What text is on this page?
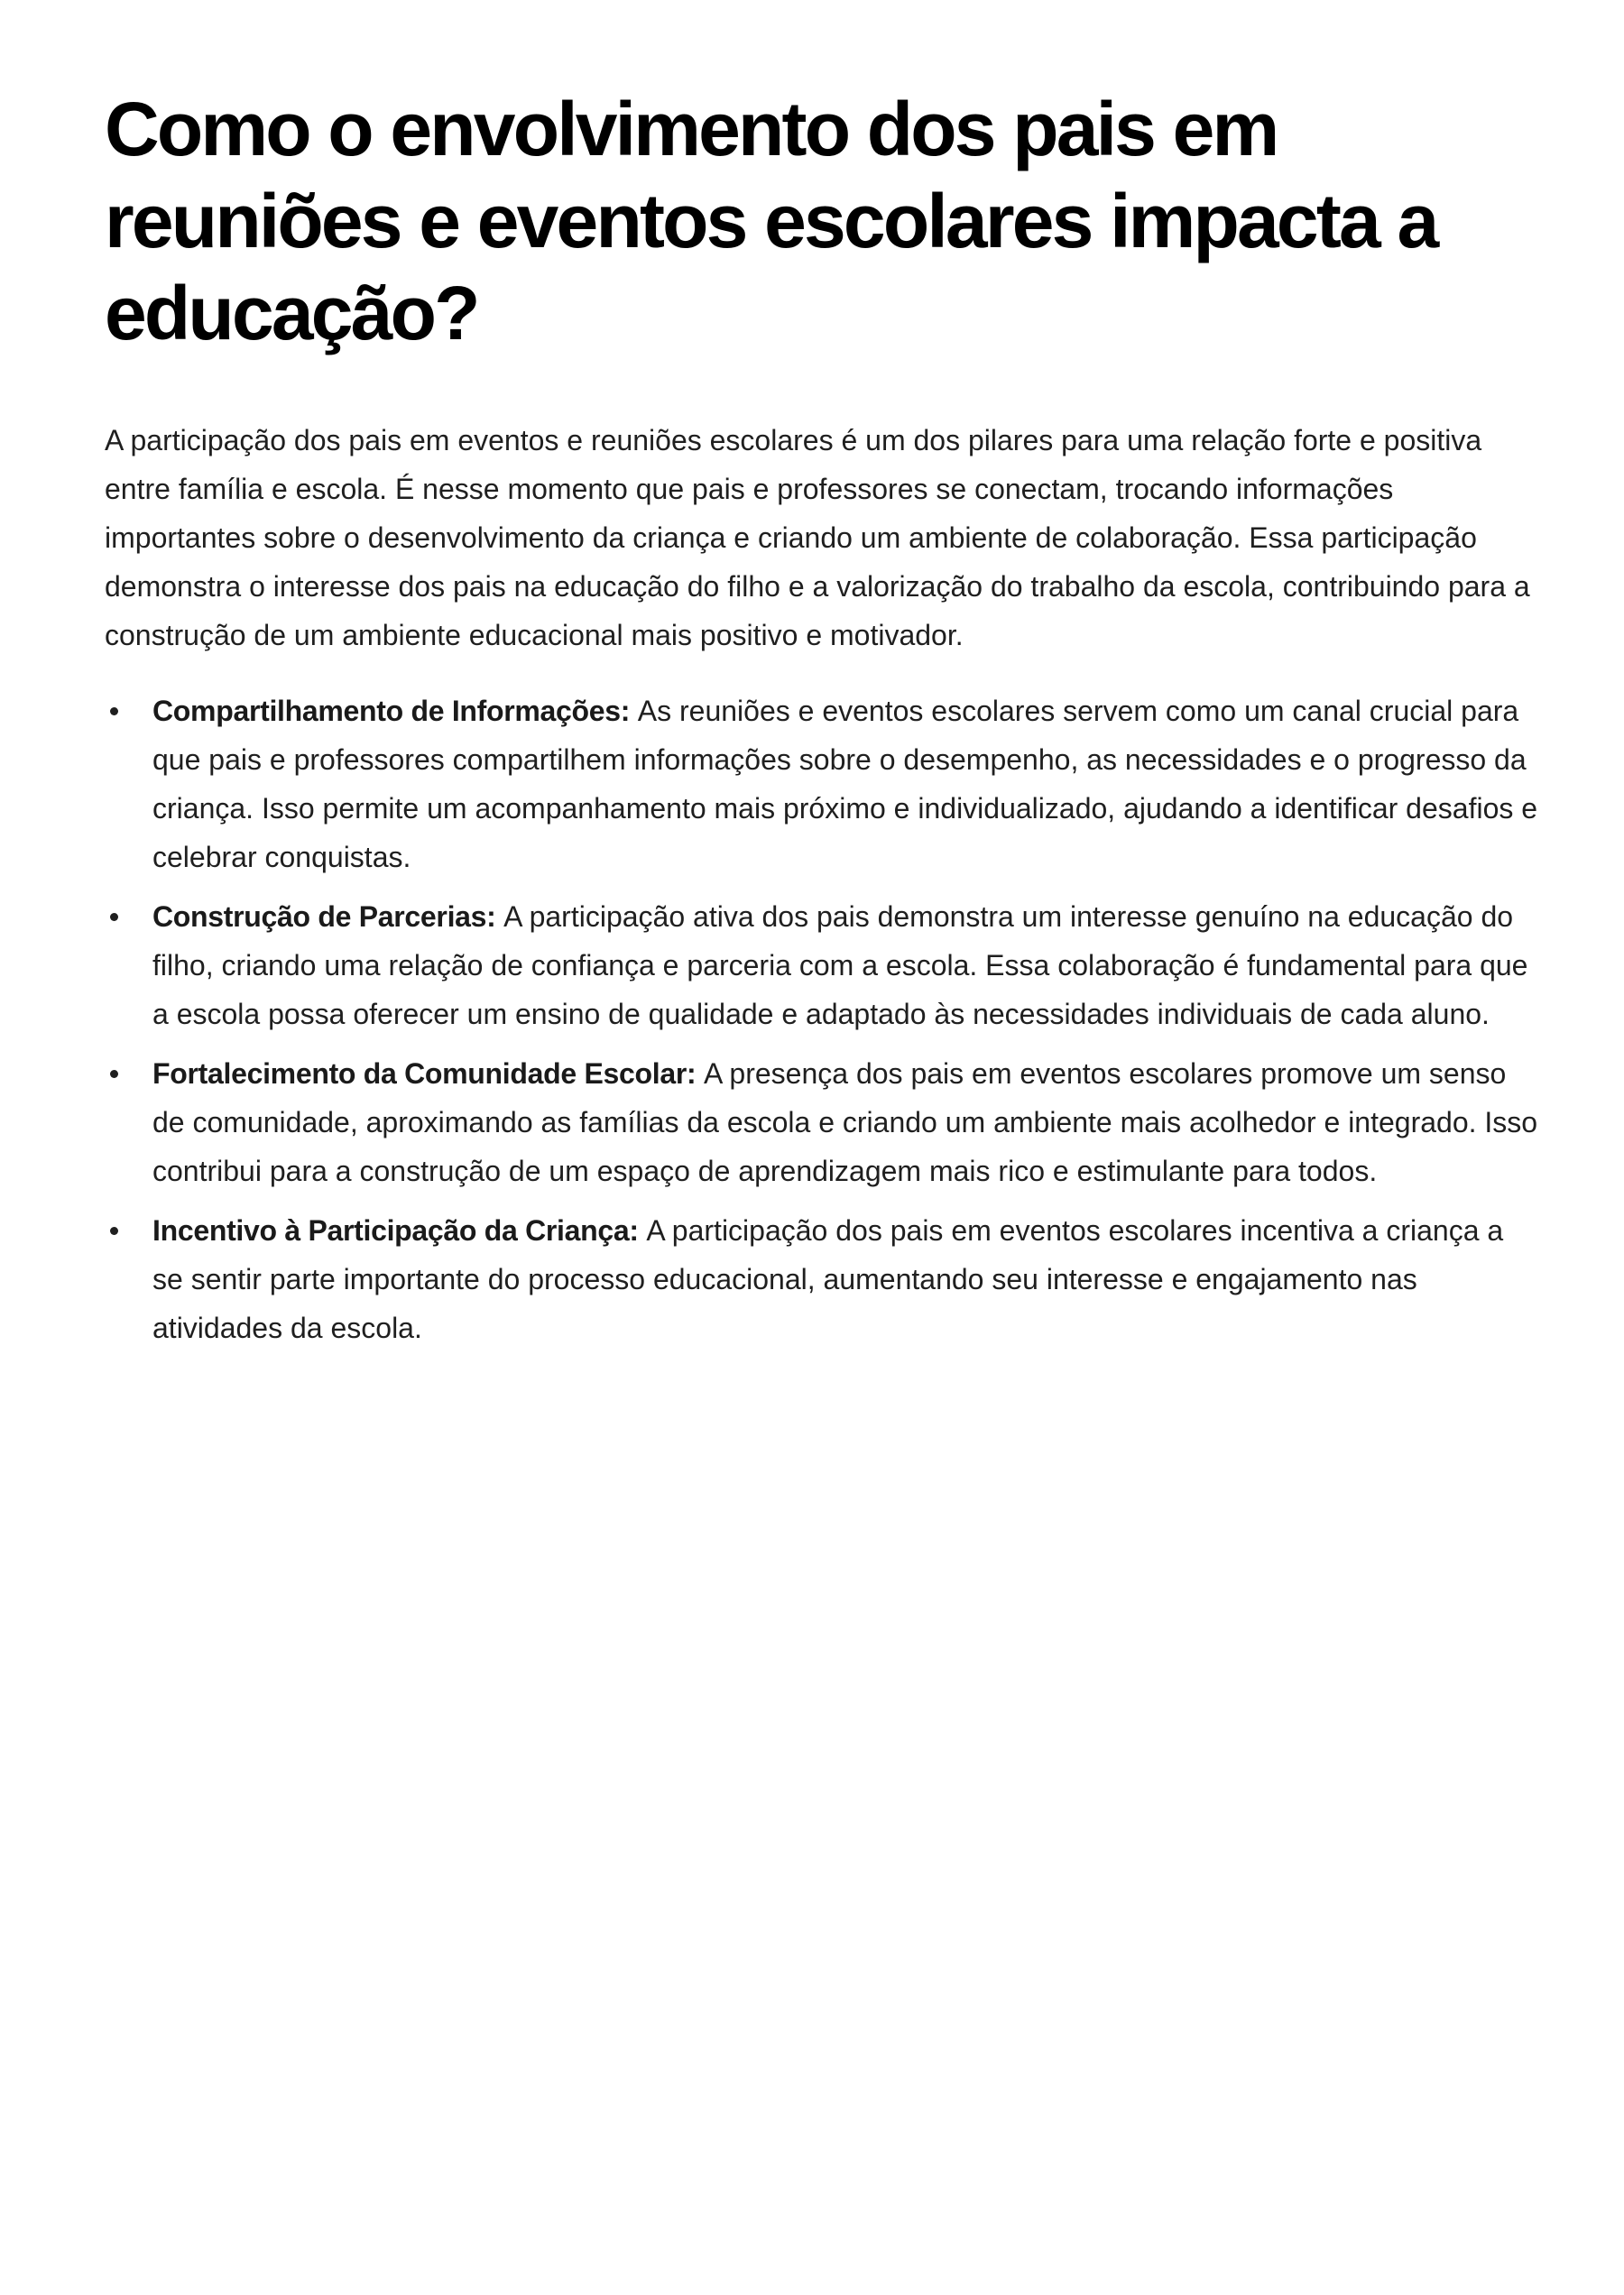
Como o envolvimento dos pais em reuniões e eventos escolares impacta a educação?

A participação dos pais em eventos e reuniões escolares é um dos pilares para uma relação forte e positiva entre família e escola. É nesse momento que pais e professores se conectam, trocando informações importantes sobre o desenvolvimento da criança e criando um ambiente de colaboração. Essa participação demonstra o interesse dos pais na educação do filho e a valorização do trabalho da escola, contribuindo para a construção de um ambiente educacional mais positivo e motivador.

Compartilhamento de Informações: As reuniões e eventos escolares servem como um canal crucial para que pais e professores compartilhem informações sobre o desempenho, as necessidades e o progresso da criança. Isso permite um acompanhamento mais próximo e individualizado, ajudando a identificar desafios e celebrar conquistas.
Construção de Parcerias: A participação ativa dos pais demonstra um interesse genuíno na educação do filho, criando uma relação de confiança e parceria com a escola. Essa colaboração é fundamental para que a escola possa oferecer um ensino de qualidade e adaptado às necessidades individuais de cada aluno.
Fortalecimento da Comunidade Escolar: A presença dos pais em eventos escolares promove um senso de comunidade, aproximando as famílias da escola e criando um ambiente mais acolhedor e integrado. Isso contribui para a construção de um espaço de aprendizagem mais rico e estimulante para todos.
Incentivo à Participação da Criança: A participação dos pais em eventos escolares incentiva a criança a se sentir parte importante do processo educacional, aumentando seu interesse e engajamento nas atividades da escola.
